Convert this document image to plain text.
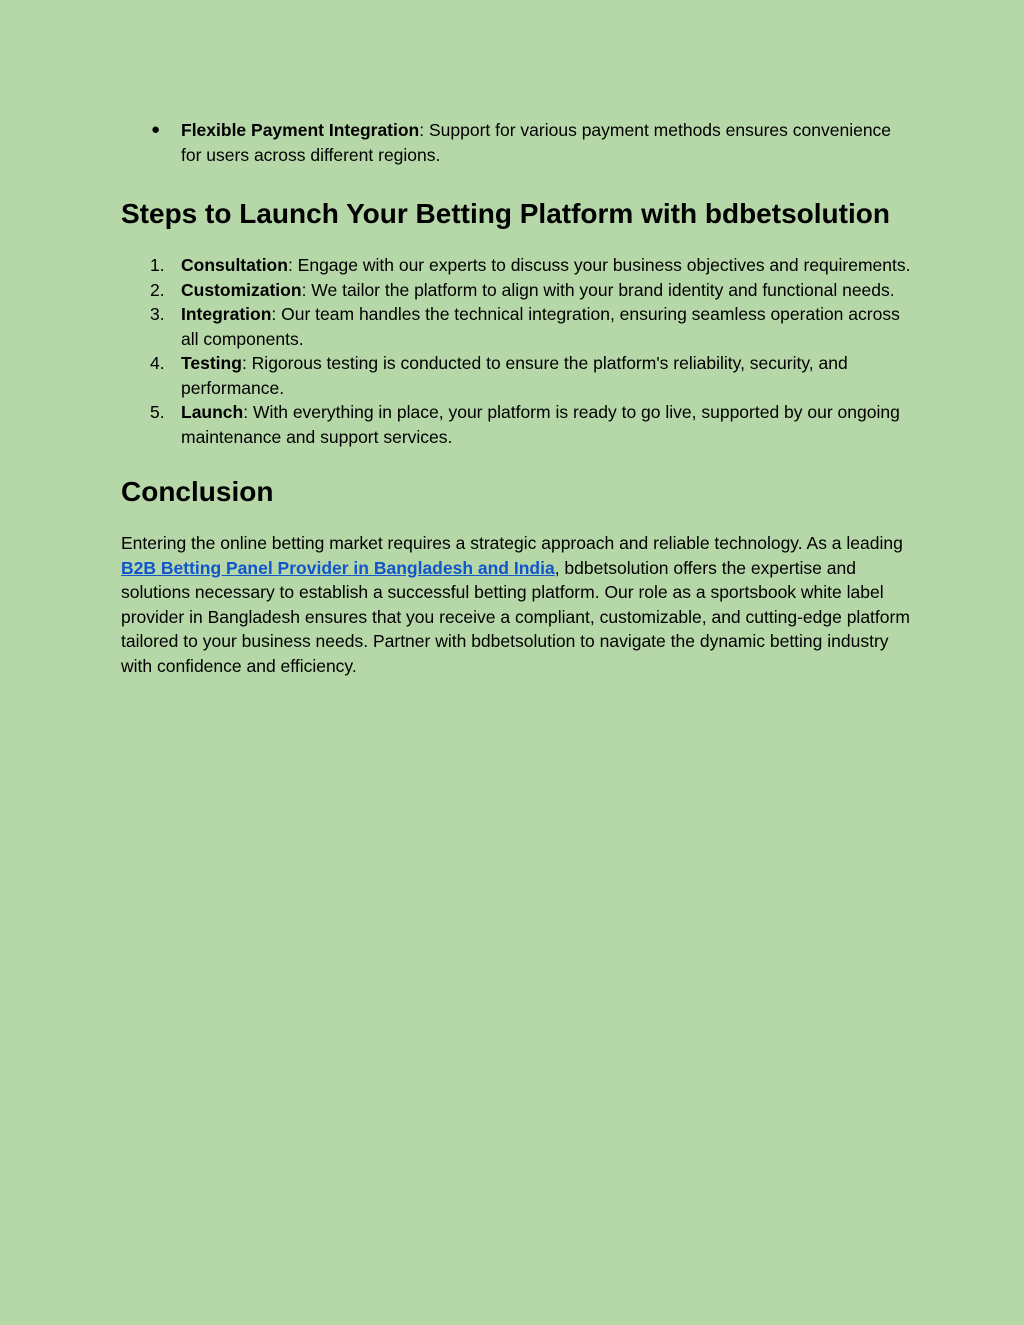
● Flexible Payment Integration: Support for various payment methods ensures convenience for users across different regions.
Steps to Launch Your Betting Platform with bdbetsolution
1. Consultation: Engage with our experts to discuss your business objectives and requirements.
2. Customization: We tailor the platform to align with your brand identity and functional needs.
3. Integration: Our team handles the technical integration, ensuring seamless operation across all components.
4. Testing: Rigorous testing is conducted to ensure the platform's reliability, security, and performance.
5. Launch: With everything in place, your platform is ready to go live, supported by our ongoing maintenance and support services.
Conclusion

Entering the online betting market requires a strategic approach and reliable technology. As a leading B2B Betting Panel Provider in Bangladesh and India, bdbetsolution offers the expertise and solutions necessary to establish a successful betting platform. Our role as a sportsbook white label provider in Bangladesh ensures that you receive a compliant, customizable, and cutting-edge platform tailored to your business needs. Partner with bdbetsolution to navigate the dynamic betting industry with confidence and efficiency.
